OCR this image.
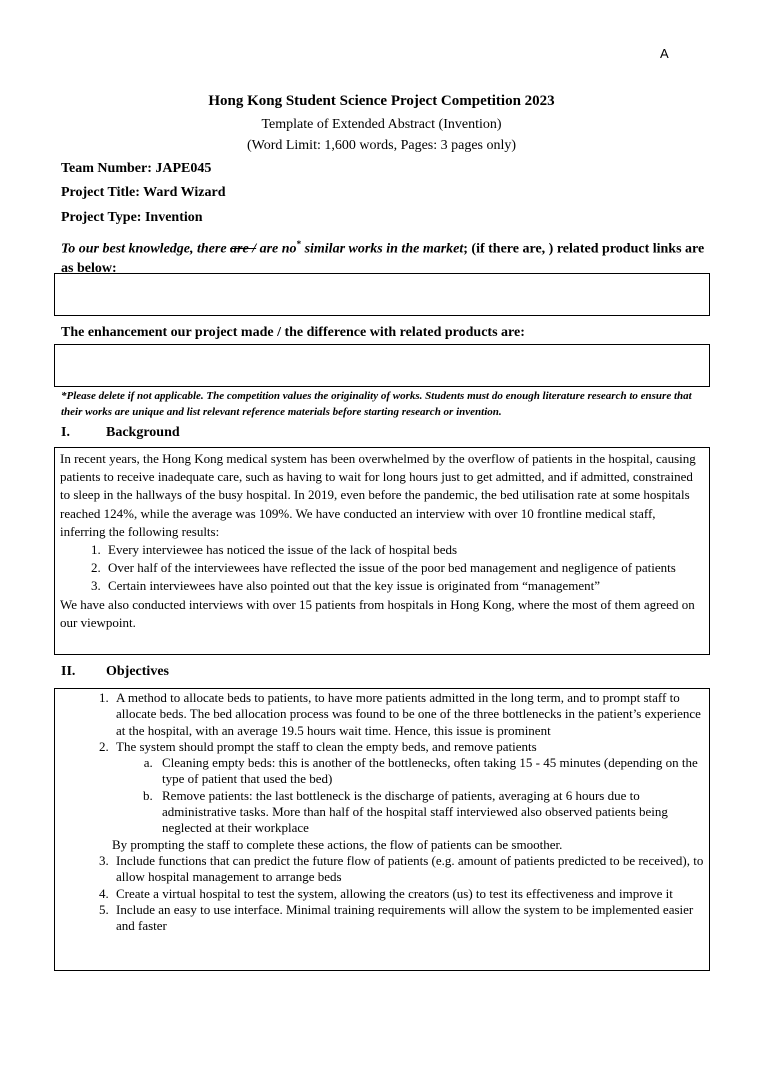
A
Hong Kong Student Science Project Competition 2023
Template of Extended Abstract (Invention)
(Word Limit: 1,600 words, Pages: 3 pages only)
Team Number: JAPE045
Project Title: Ward Wizard
Project Type: Invention
To our best knowledge, there are / are no* similar works in the market; (if there are, ) related product links are as below:
The enhancement our project made / the difference with related products are:
*Please delete if not applicable. The competition values the originality of works. Students must do enough literature research to ensure that their works are unique and list relevant reference materials before starting research or invention.
I.	Background

In recent years, the Hong Kong medical system has been overwhelmed by the overflow of patients in the hospital, causing patients to receive inadequate care, such as having to wait for long hours just to get admitted, and if admitted, constrained to sleep in the hallways of the busy hospital. In 2019, even before the pandemic, the bed utilisation rate at some hospitals reached 124%, while the average was 109%. We have conducted an interview with over 10 frontline medical staff, inferring the following results:

1. Every interviewee has noticed the issue of the lack of hospital beds
2. Over half of the interviewees have reflected the issue of the poor bed management and negligence of patients
3. Certain interviewees have also pointed out that the key issue is originated from “management”

We have also conducted interviews with over 15 patients from hospitals in Hong Kong, where the most of them agreed on our viewpoint.

II. Objectives
1. A method to allocate beds to patients, to have more patients admitted in the long term, and to prompt staff to allocate beds. The bed allocation process was found to be one of the three bottlenecks in the patient’s experience at the hospital, with an average 19.5 hours wait time. Hence, this issue is prominent
2. The system should prompt the staff to clean the empty beds, and remove patients
a. Cleaning empty beds: this is another of the bottlenecks, often taking 15 - 45 minutes (depending on the type of patient that used the bed)
b. Remove patients: the last bottleneck is the discharge of patients, averaging at 6 hours due to administrative tasks. More than half of the hospital staff interviewed also observed patients being neglected at their workplace

By prompting the staff to complete these actions, the flow of patients can be smoother.

3. Include functions that can predict the future flow of patients (e.g. amount of patients predicted to be received), to allow hospital management to arrange beds
4. Create a virtual hospital to test the system, allowing the creators (us) to test its effectiveness and improve it
5. Include an easy to use interface. Minimal training requirements will allow the system to be implemented easier and faster
